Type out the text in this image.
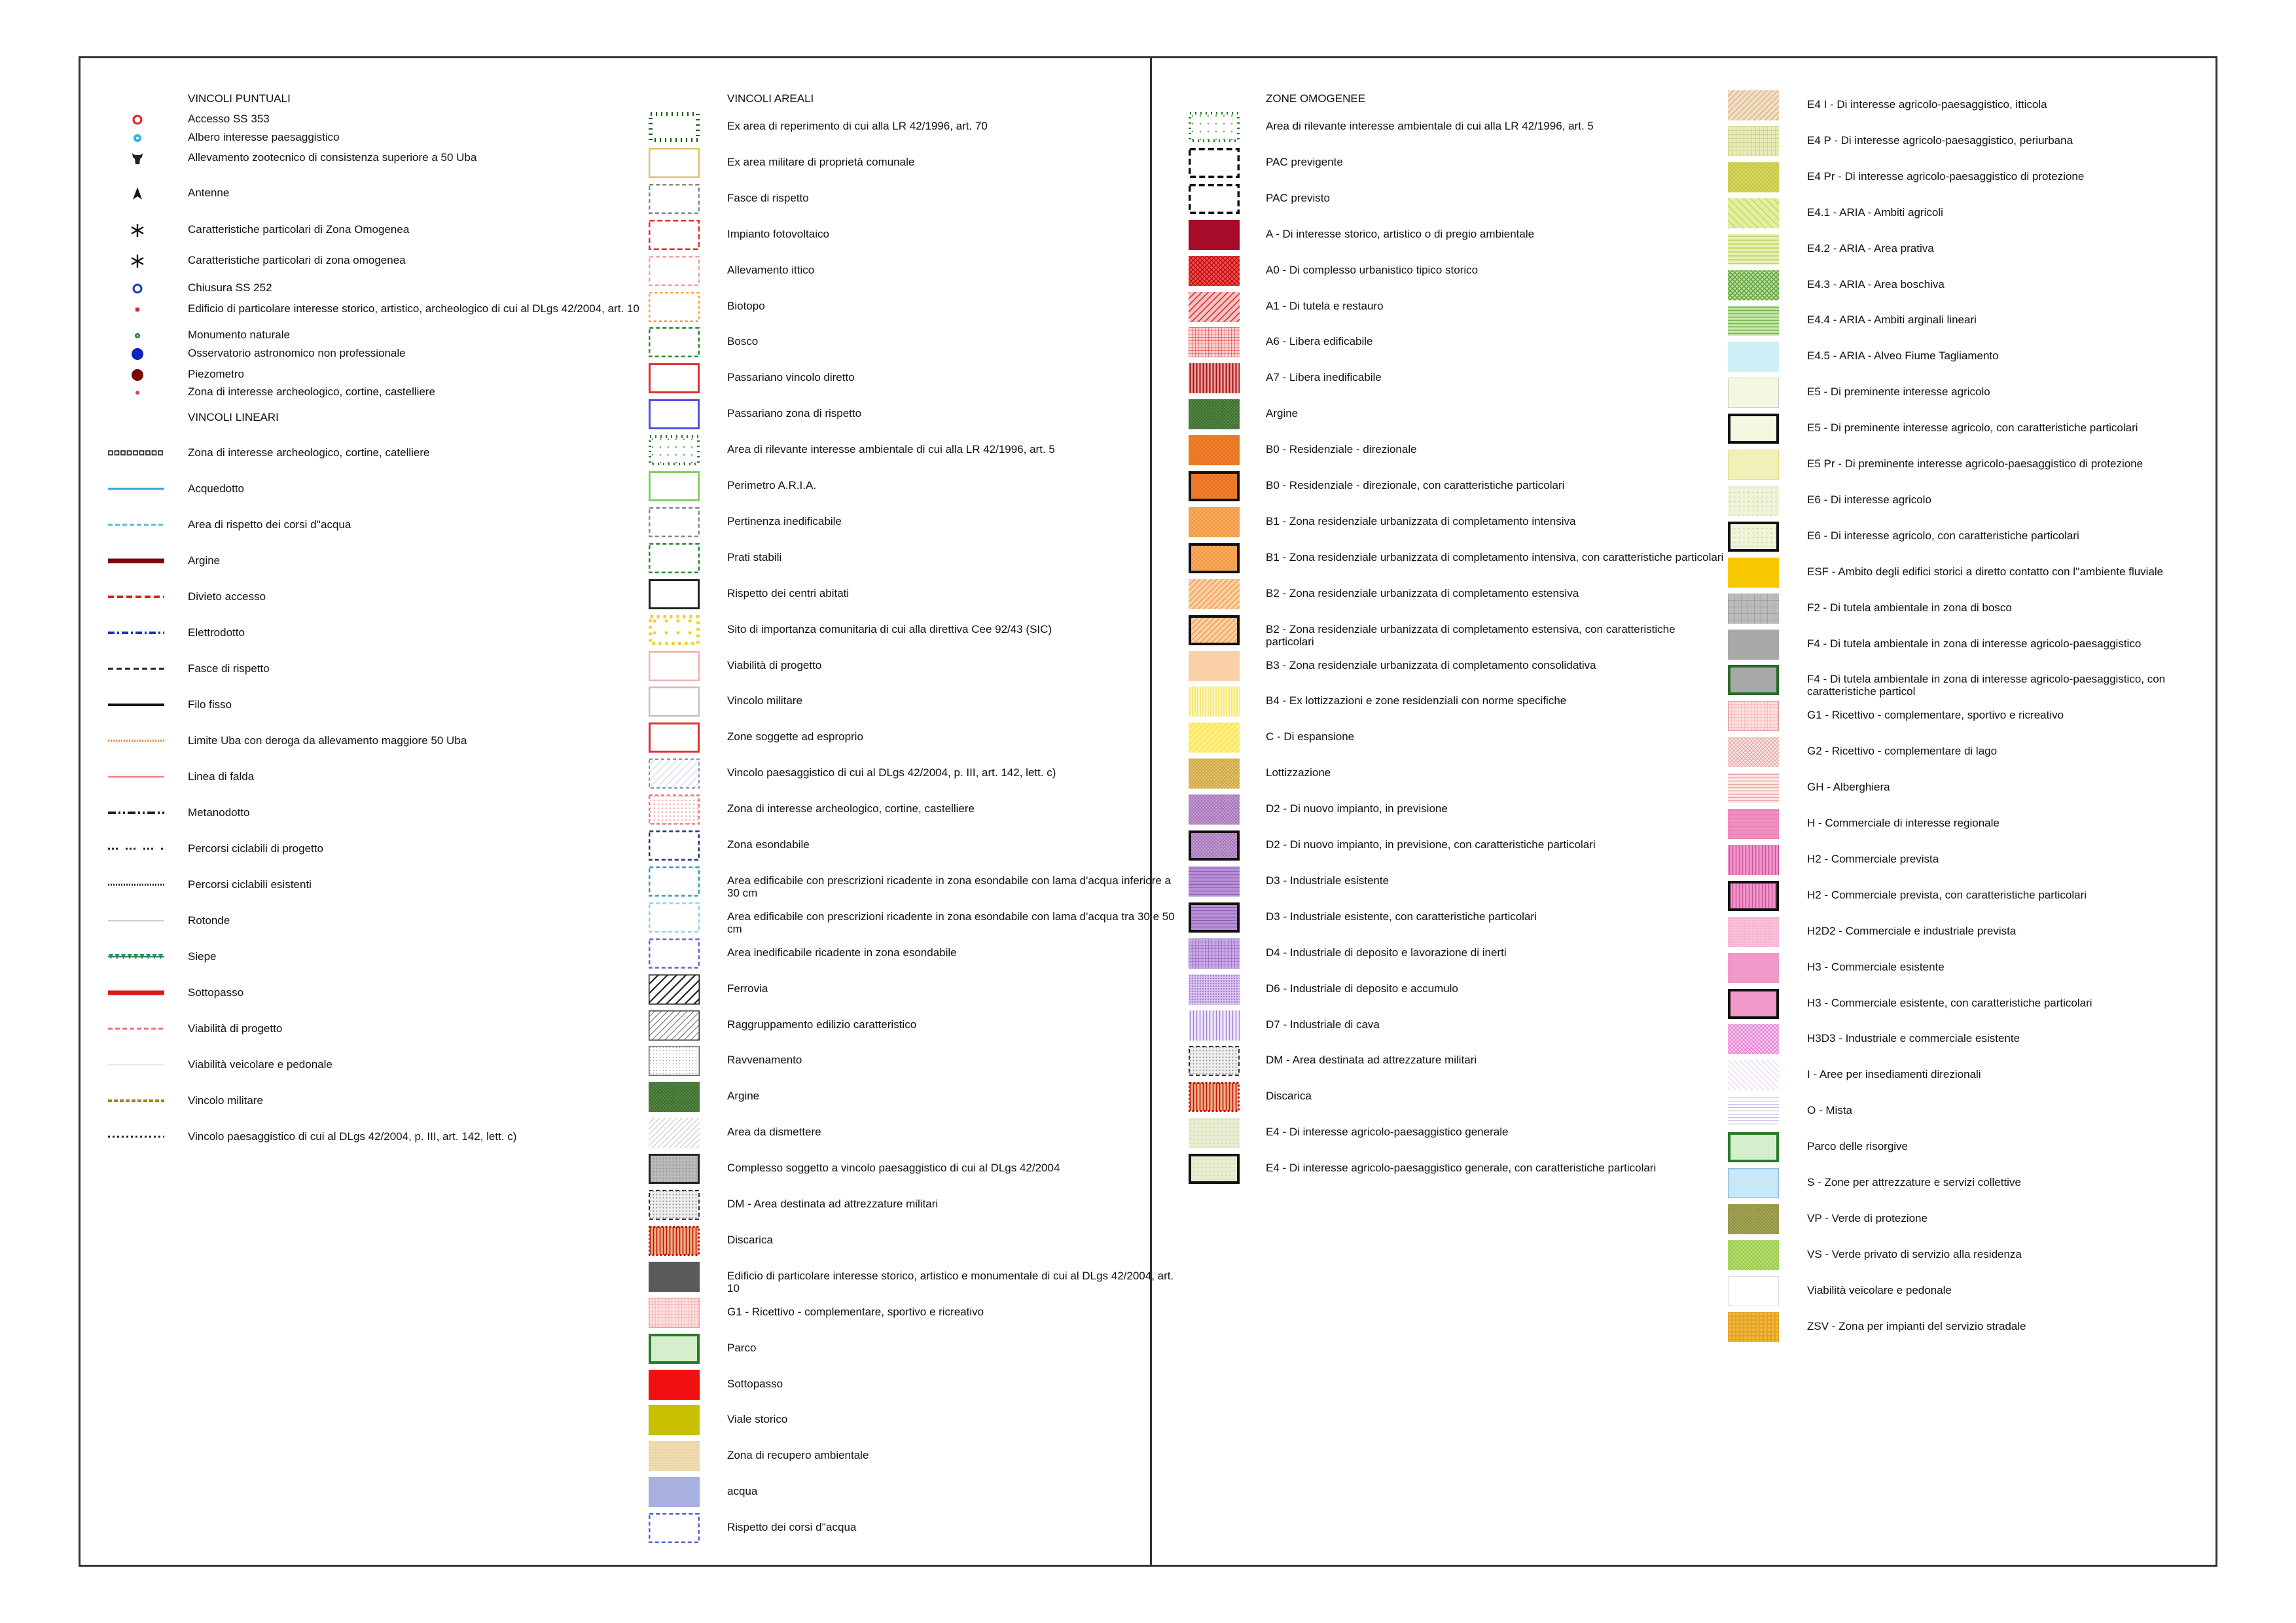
VINCOLI PUNTUALI
Accesso SS 353
Albero interesse paesaggistico
Allevamento zootecnico di consistenza superiore a 50 Uba
Antenne
Caratteristiche particolari di Zona Omogenea
Caratteristiche particolari di zona omogenea
Chiusura SS 252
Edificio di particolare interesse storico, artistico, archeologico di cui al DLgs 42/2004, art. 10
Monumento naturale
Osservatorio astronomico non professionale
Piezometro
Zona di interesse archeologico, cortine, castelliere
VINCOLI LINEARI
Zona di interesse archeologico, cortine, catelliere
Acquedotto
Area di rispetto dei corsi d''acqua
Argine
Divieto accesso
Elettrodotto
Fasce di rispetto
Filo fisso
Limite Uba con deroga da allevamento maggiore 50 Uba
Linea di falda
Metanodotto
Percorsi ciclabili di progetto
Percorsi ciclabili esistenti
Rotonde
Siepe
Sottopasso
Viabilità di progetto
Viabilità veicolare e pedonale
Vincolo militare
Vincolo paesaggistico di cui al DLgs 42/2004, p. III, art. 142, lett. c)
VINCOLI AREALI
Ex area di reperimento di cui alla LR 42/1996, art. 70
Ex area militare di proprietà comunale
Fasce di rispetto
Impianto fotovoltaico
Allevamento ittico
Biotopo
Bosco
Passariano vincolo diretto
Passariano zona di rispetto
Area di rilevante interesse ambientale di cui alla LR 42/1996, art. 5
Perimetro A.R.I.A.
Pertinenza inedificabile
Prati stabili
Rispetto dei centri abitati
Sito di importanza comunitaria di cui alla direttiva Cee 92/43 (SIC)
Viabilità di progetto
Vincolo militare
Zone soggette ad esproprio
Vincolo paesaggistico di cui al DLgs 42/2004, p. III, art. 142, lett. c)
Zona di interesse archeologico, cortine, castelliere
Zona esondabile
Area edificabile con prescrizioni ricadente in zona esondabile con lama d'acqua inferiore a 30 cm
Area edificabile con prescrizioni ricadente in zona esondabile con lama d'acqua tra 30 e 50 cm
Area inedificabile ricadente in zona esondabile
Ferrovia
Raggruppamento edilizio caratteristico
Ravvenamento
Argine
Area da dismettere
Complesso soggetto a vincolo paesaggistico di cui al DLgs 42/2004
DM - Area destinata ad attrezzature militari
Discarica
Edificio di particolare interesse storico, artistico e monumentale di cui al DLgs 42/2004, art. 10
G1 - Ricettivo - complementare, sportivo e ricreativo
Parco
Sottopasso
Viale storico
Zona di recupero ambientale
acqua
Rispetto dei corsi d''acqua
ZONE OMOGENEE
Area di rilevante interesse ambientale di cui alla LR 42/1996, art. 5
PAC previgente
PAC previsto
A - Di interesse storico, artistico o di pregio ambientale
A0 - Di complesso urbanistico tipico storico
A1 - Di tutela e restauro
A6 - Libera edificabile
A7 - Libera inedificabile
Argine
B0 - Residenziale - direzionale
B0 - Residenziale - direzionale, con caratteristiche particolari
B1 - Zona residenziale urbanizzata di completamento intensiva
B1 - Zona residenziale urbanizzata di completamento intensiva, con caratteristiche particolari
B2 - Zona residenziale urbanizzata di completamento estensiva
B2 - Zona residenziale urbanizzata di completamento estensiva, con caratteristiche particolari
B3 - Zona residenziale urbanizzata di completamento consolidativa
B4 - Ex lottizzazioni e zone residenziali con norme specifiche
C - Di espansione
Lottizzazione
D2 - Di nuovo impianto, in previsione
D2 - Di nuovo impianto, in previsione, con caratteristiche particolari
D3 - Industriale esistente
D3 - Industriale esistente, con caratteristiche particolari
D4 - Industriale di deposito e lavorazione di inerti
D6 - Industriale di deposito e accumulo
D7 - Industriale di cava
DM - Area destinata ad attrezzature militari
Discarica
E4 - Di interesse agricolo-paesaggistico generale
E4 - Di interesse agricolo-paesaggistico generale, con caratteristiche particolari
E4 I - Di interesse agricolo-paesaggistico, itticola
E4 P - Di interesse agricolo-paesaggistico, periurbana
E4 Pr - Di interesse agricolo-paesaggistico di protezione
E4.1 - ARIA - Ambiti agricoli
E4.2 - ARIA - Area prativa
E4.3 - ARIA - Area boschiva
E4.4 - ARIA - Ambiti arginali lineari
E4.5 - ARIA - Alveo Fiume Tagliamento
E5 - Di preminente interesse agricolo
E5 - Di preminente interesse agricolo, con caratteristiche particolari
E5 Pr - Di preminente interesse agricolo-paesaggistico di protezione
E6 - Di interesse agricolo
E6 - Di interesse agricolo, con caratteristiche particolari
ESF - Ambito degli edifici storici a diretto contatto con l''ambiente fluviale
F2 - Di tutela ambientale in zona di bosco
F4 - Di tutela ambientale in zona di interesse agricolo-paesaggistico
F4 - Di tutela ambientale in zona di interesse agricolo-paesaggistico, con caratteristiche particol
G1 - Ricettivo - complementare, sportivo e ricreativo
G2 - Ricettivo - complementare di lago
GH - Alberghiera
H - Commerciale di interesse regionale
H2 - Commerciale prevista
H2 - Commerciale prevista, con caratteristiche particolari
H2D2 - Commerciale e industriale prevista
H3 - Commerciale esistente
H3 - Commerciale esistente, con caratteristiche particolari
H3D3 - Industriale e commerciale esistente
I - Aree per insediamenti direzionali
O - Mista
Parco delle risorgive
S - Zone per attrezzature e servizi collettive
VP - Verde di protezione
VS - Verde privato di servizio alla residenza
Viabilità veicolare e pedonale
ZSV - Zona per impianti del servizio stradale
